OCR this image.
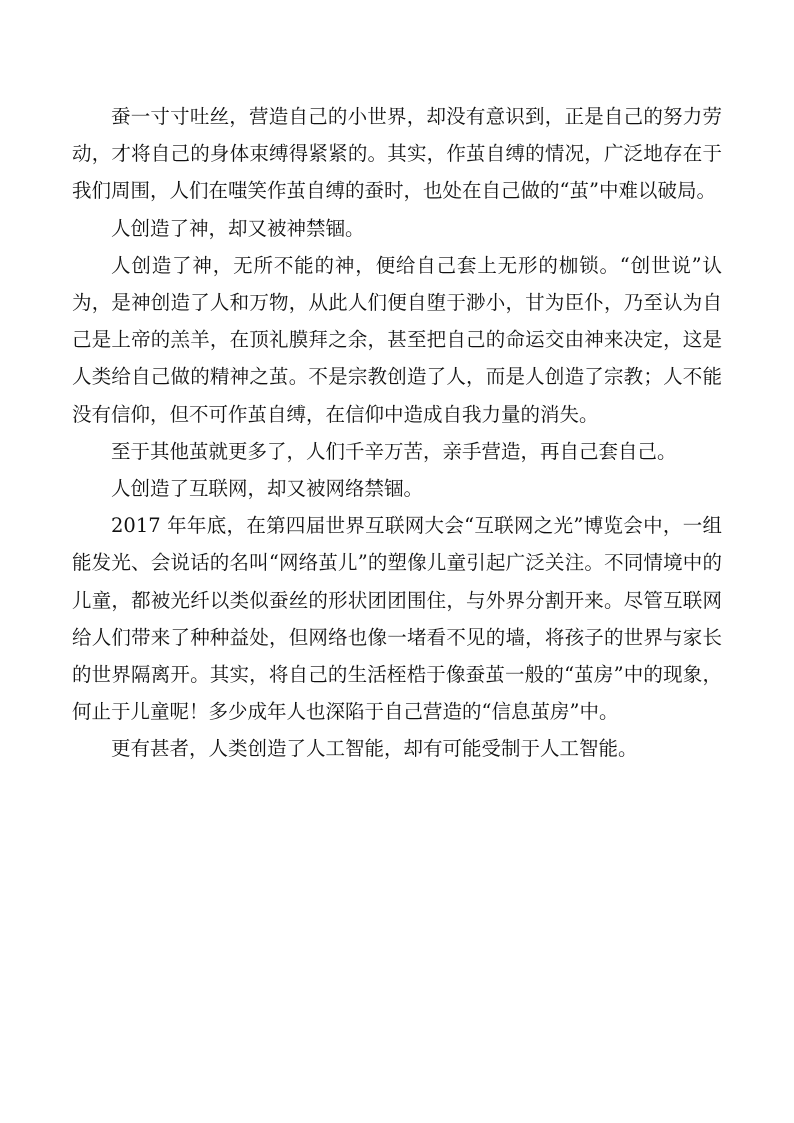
蚕一寸寸吐丝，营造自己的小世界，却没有意识到，正是自己的努力劳动，才将自己的身体束缚得紧紧的。其实，作茧自缚的情况，广泛地存在于我们周围，人们在嗤笑作茧自缚的蚕时，也处在自己做的“茧”中难以破局。

人创造了神，却又被神禁锢。

人创造了神，无所不能的神，便给自己套上无形的枷锁。“创世说”认为，是神创造了人和万物，从此人们便自堕于渺小，甘为臣仆，乃至认为自己是上帝的羔羊，在顶礼膜拜之余，甚至把自己的命运交由神来决定，这是人类给自己做的精神之茧。不是宗教创造了人，而是人创造了宗教；人不能没有信仰，但不可作茧自缚，在信仰中造成自我力量的消失。

至于其他茧就更多了，人们千辛万苦，亲手营造，再自己套自己。

人创造了互联网，却又被网络禁锢。

2017 年年底，在第四届世界互联网大会“互联网之光”博览会中，一组能发光、会说话的名叫“网络茧儿”的塑像儿童引起广泛关注。不同情境中的儿童，都被光纤以类似蚕丝的形状团团围住，与外界分割开来。尽管互联网给人们带来了种种益处，但网络也像一堵看不见的墙，将孩子的世界与家长的世界隔离开。其实，将自己的生活桎梏于像蚕茧一般的“茧房”中的现象，何止于儿童呢！多少成年人也深陷于自己营造的“信息茧房”中。

更有甚者，人类创造了人工智能，却有可能受制于人工智能。
